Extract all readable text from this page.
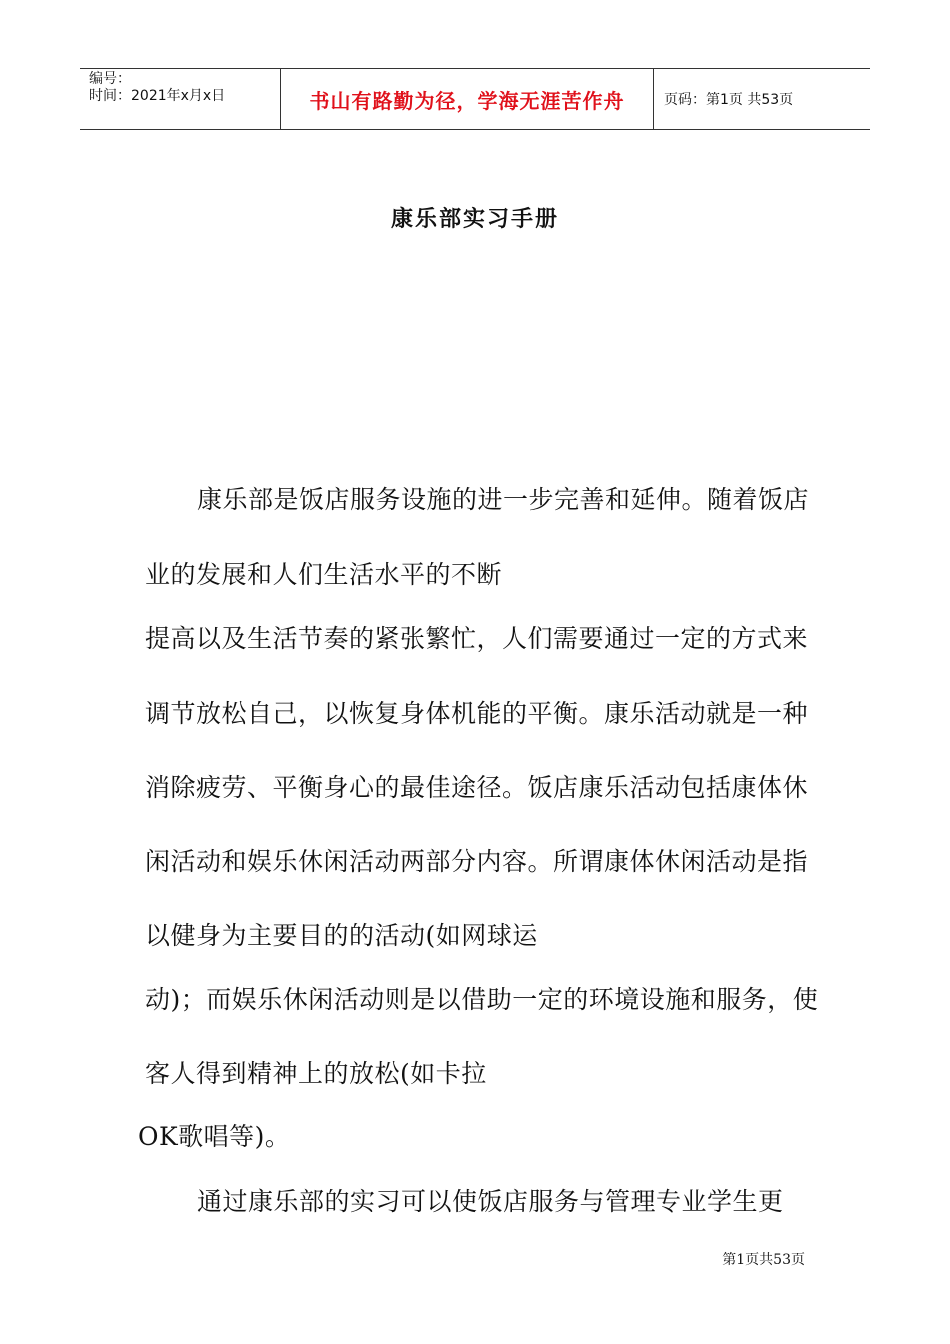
编号：
时间：2021年x月x日	书山有路勤为径，学海无涯苦作舟	页码：第1页 共53页
康乐部实习手册
康乐部是饭店服务设施的进一步完善和延伸。随着饭店
业的发展和人们生活水平的不断
提高以及生活节奏的紧张繁忙，人们需要通过一定的方式来
调节放松自己，以恢复身体机能的平衡。康乐活动就是一种
消除疲劳、平衡身心的最佳途径。饭店康乐活动包括康体休
闲活动和娱乐休闲活动两部分内容。所谓康体休闲活动是指
以健身为主要目的的活动(如网球运
动)；而娱乐休闲活动则是以借助一定的环境设施和服务，使
客人得到精神上的放松(如卡拉
OK歌唱等)。
通过康乐部的实习可以使饭店服务与管理专业学生更
第1页共53页
